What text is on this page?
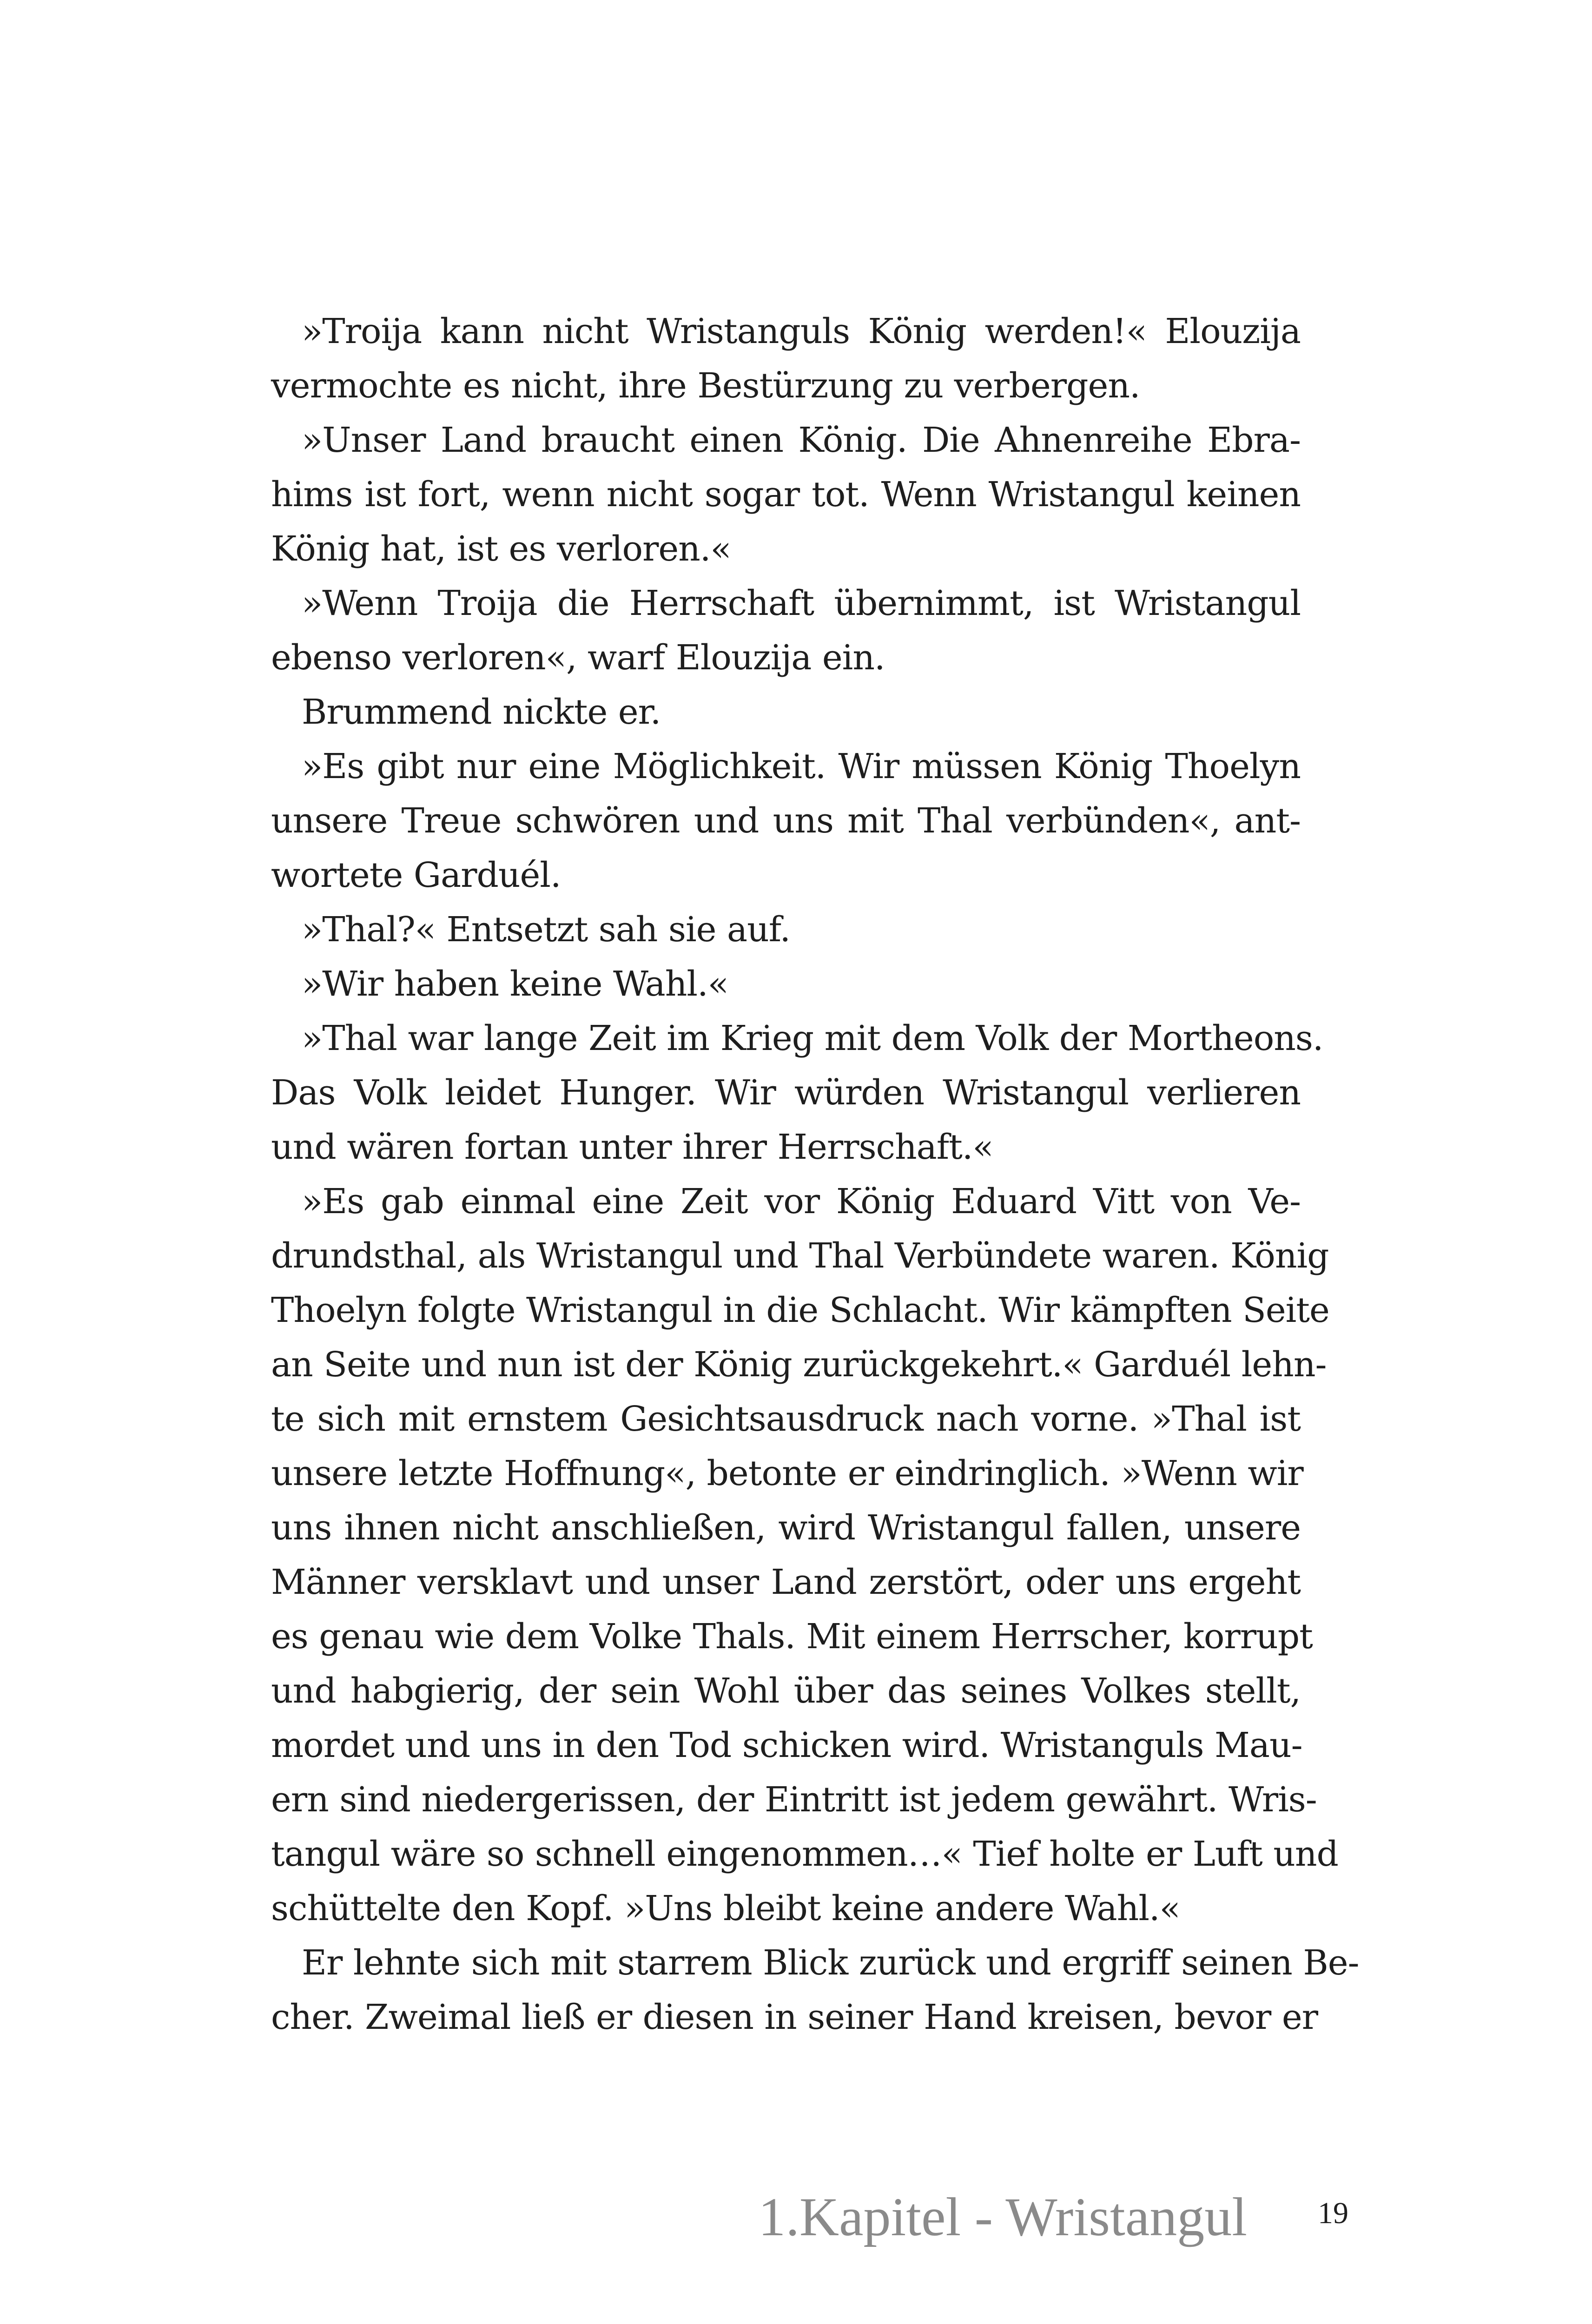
»Troija kann nicht Wristanguls König werden!« Elouzija
vermochte es nicht, ihre Bestürzung zu verbergen.
»Unser Land braucht einen König. Die Ahnenreihe Ebra-
hims ist fort, wenn nicht sogar tot. Wenn Wristangul keinen
König hat, ist es verloren.«
»Wenn Troija die Herrschaft übernimmt, ist Wristangul
ebenso verloren«, warf Elouzija ein.
Brummend nickte er.
»Es gibt nur eine Möglichkeit. Wir müssen König Thoelyn
unsere Treue schwören und uns mit Thal verbünden«, ant-
wortete Garduél.
»Thal?« Entsetzt sah sie auf.
»Wir haben keine Wahl.«
»Thal war lange Zeit im Krieg mit dem Volk der Mortheons.
Das Volk leidet Hunger. Wir würden Wristangul verlieren
und wären fortan unter ihrer Herrschaft.«
»Es gab einmal eine Zeit vor König Eduard Vitt von Ve-
drundsthal, als Wristangul und Thal Verbündete waren. König
Thoelyn folgte Wristangul in die Schlacht. Wir kämpften Seite
an Seite und nun ist der König zurückgekehrt.« Garduél lehn-
te sich mit ernstem Gesichtsausdruck nach vorne. »Thal ist
unsere letzte Hoffnung«, betonte er eindringlich. »Wenn wir
uns ihnen nicht anschließen, wird Wristangul fallen, unsere
Männer versklavt und unser Land zerstört, oder uns ergeht
es genau wie dem Volke Thals. Mit einem Herrscher, korrupt
und habgierig, der sein Wohl über das seines Volkes stellt,
mordet und uns in den Tod schicken wird. Wristanguls Mau-
ern sind niedergerissen, der Eintritt ist jedem gewährt. Wris-
tangul wäre so schnell eingenommen…« Tief holte er Luft und
schüttelte den Kopf. »Uns bleibt keine andere Wahl.«
Er lehnte sich mit starrem Blick zurück und ergriff seinen Be-
cher. Zweimal ließ er diesen in seiner Hand kreisen, bevor er
1.Kapitel - Wristangul 19
